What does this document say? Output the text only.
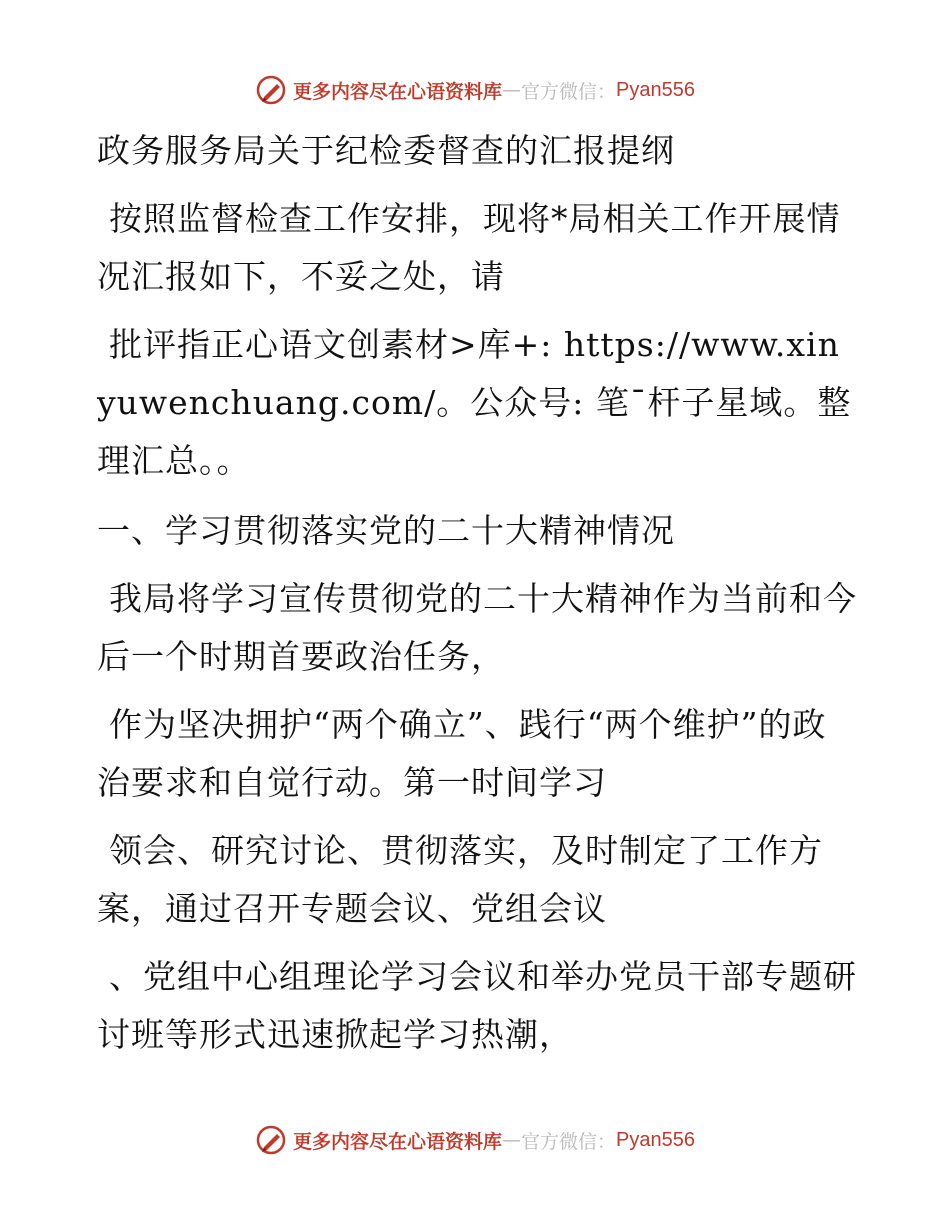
更多内容尽在心语资料库 — 官方微信： Pyan556
政务服务局关于纪检委督查的汇报提纲
按照监督检查工作安排，现将*局相关工作开展情况汇报如下，不妥之处，请
批评指正心语文创素材>库+: https://www.xinyuwenchuang.com/。公众号: 笔¯杆子星域。整理汇总。。
一、学习贯彻落实党的二十大精神情况
我局将学习宣传贯彻党的二十大精神作为当前和今后一个时期首要政治任务，
作为坚决拥护“两个确立”、践行“两个维护”的政治要求和自觉行动。第一时间学习
领会、研究讨论、贯彻落实，及时制定了工作方案，通过召开专题会议、党组会议
、党组中心组理论学习会议和举办党员干部专题研讨班等形式迅速掀起学习热潮，
更多内容尽在心语资料库 — 官方微信： Pyan556
